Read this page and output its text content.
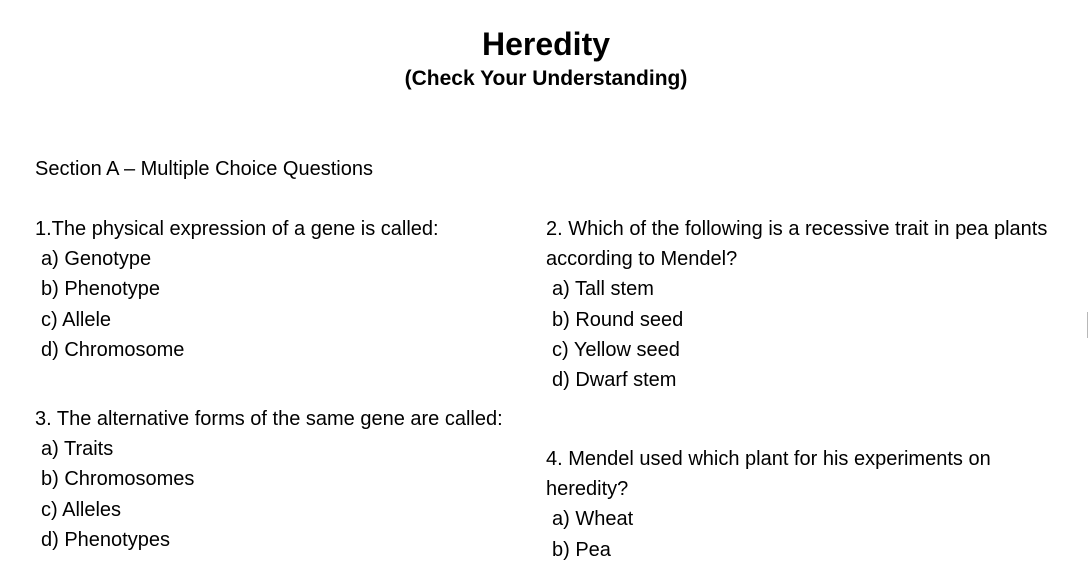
Heredity
(Check Your Understanding)
Section A – Multiple Choice Questions
1.The physical expression of a gene is called:
a) Genotype
b) Phenotype
c) Allele
d) Chromosome
2. Which of the following is a recessive trait in pea plants according to Mendel?
a) Tall stem
b) Round seed
c) Yellow seed
d) Dwarf stem
3. The alternative forms of the same gene are called:
a) Traits
b) Chromosomes
c) Alleles
d) Phenotypes
4. Mendel used which plant for his experiments on heredity?
a) Wheat
b) Pea
